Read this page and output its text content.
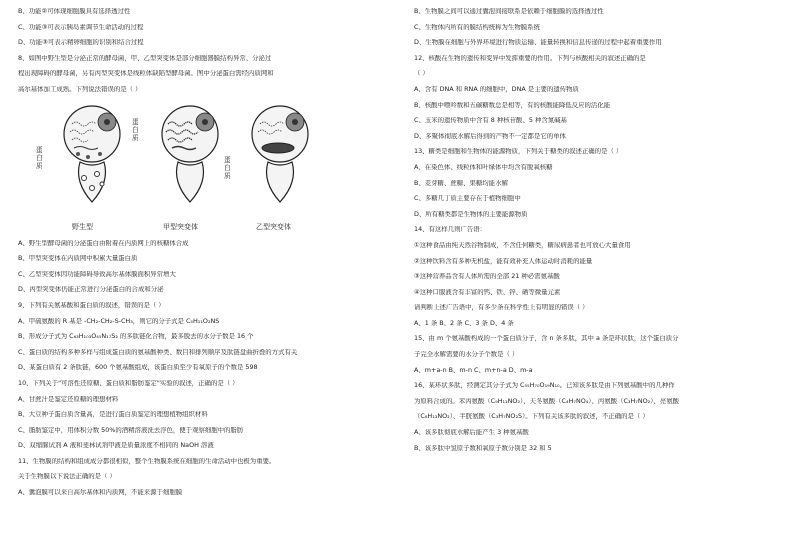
B、功能②可体现细胞膜具有选择透过性
C、功能③可表示胰岛素调节生命活动的过程
D、功能③可表示精卵细胞的识别和结合过程
8、如图中野生型是分泌正常的酵母菌，甲、乙型突变体是部分细胞器膜结构异常、分泌过
程出现障碍的酵母菌，另有丙型突变体是线粒体缺陷型酵母菌。图中分泌蛋白需经内质网和
高尔基体加工成熟。下列说法错误的是（ ）
蛋白质
野生型
蛋白质
甲型突变体
蛋白质
乙型突变体
A、野生型酵母菌的分泌蛋白由附着在内质网上的核糖体合成
B、甲型突变体在内质网中积累大量蛋白质
C、乙型突变体因功能障碍导致高尔基体膜面积异常增大
D、丙型突变体仍能正常进行分泌蛋白的合成和分泌
9、下列有关氨基酸和蛋白质的叙述，错误的是（ ）
A、甲硫氨酸的 R 基是 -CH₂-CH₂-S-CH₃，则它的分子式是 C₅H₁₁O₂NS
B、形成分子式为 C₆₃H₁₀₃O₄₅N₁₇S₂ 的多肽链化合物，最多脱去的水分子数是 16 个
C、蛋白质的结构多种多样与组成蛋白质的氨基酸种类、数目和排列顺序及肽链盘曲折叠的方式有关
D、某蛋白质有 2 条肽链，600 个氨基酸组成，该蛋白质至少有氧原子的个数是 598
10、下列关于"可溶性还原糖、蛋白质和脂肪鉴定"实验的叙述，正确的是（ ）
A、甘蔗汁是鉴定还原糖的理想材料
B、大豆种子蛋白质含量高，是进行蛋白质鉴定的理想植物组织材料
C、脂肪鉴定中，用体积分数 50%的酒精溶液洗去浮色，便于观察细胞中的脂肪
D、双缩脲试剂 A 液和斐林试剂甲液是质量浓度不相同的 NaOH 溶液
11、生物膜的结构和组成成分都很相似，整个生物膜系统在细胞的生命活动中也极为重要。
关于生物膜以下说法正确的是（ ）
A、囊泡膜可以来自高尔基体和内质网，不能来源于细胞膜
B、生物膜之间可以通过囊泡间接联系是依赖于细胞膜的选择透过性
C、生物体内所有的膜结构统称为生物膜系统
D、生物膜在细胞与外界环境进行物质运输、能量转换和信息传递的过程中起着重要作用
12、核酸在生物的遗传和变异中发挥重要的作用。下列与核酸相关的叙述正确的是
（ ）
A、含有 DNA 和 RNA 的细胞中，DNA 是主要的遗传物质
B、核酸中嘌呤数和五碳糖数总是相等，有的核酸能降低反应的活化能
C、玉米的遗传物质中含有 8 种核苷酸、5 种含氮碱基
D、多聚体彻底水解后得到的产物不一定都是它的单体
13、糖类是细胞和生物体的能源物质，下列关于糖类的叙述正确的是（ ）
A、在染色体、线粒体和叶绿体中均含有脱氧核糖
B、麦芽糖、蔗糖、果糖均能水解
C、多糖几丁质主要存在于植物细胞中
D、所有糖类都是生物体的主要能源物质
14、有这样几则广告语：
①这种食品由纯天然谷物制成，不含任何糖类，糖尿病患者也可放心大量食用
②这种饮料含有多种无机盐，能有效补充人体运动时消耗的能量
③这种营养品含有人体所需的全部 21 种必需氨基酸
④这种口服液含有丰富的钙、铁、锌、硒等微量元素
请判断上述广告语中，有多少条在科学性上有明显的错误（ ）
A、1 条 B、2 条 C、3 条 D、4 条
15、由 m 个氨基酸构成的一个蛋白质分子，含 n 条多肽，其中 a 条是环状肽，这个蛋白质分
子完全水解需要的水分子个数是（ ）
A、m+a-n B、m-n C、m+n-a D、m-a
16、某环状多肽，经测定其分子式为 C₅₅H₇₀O₁₉N₁₀。已知该多肽是由下列氨基酸中的几种作
为原料合成的。苯丙氨酸（C₉H₁₁NO₂）、天冬氨酸（C₄H₇NO₄）、丙氨酸（C₃H₇NO₂）、亮氨酸
（C₆H₁₃NO₂）、半胱氨酸（C₃H₇NO₂S）。下列有关该多肽的叙述，不正确的是（ ）
A、该多肽彻底水解后能产生 3 种氨基酸
B、该多肽中氢原子数和氧原子数分别是 32 和 5
